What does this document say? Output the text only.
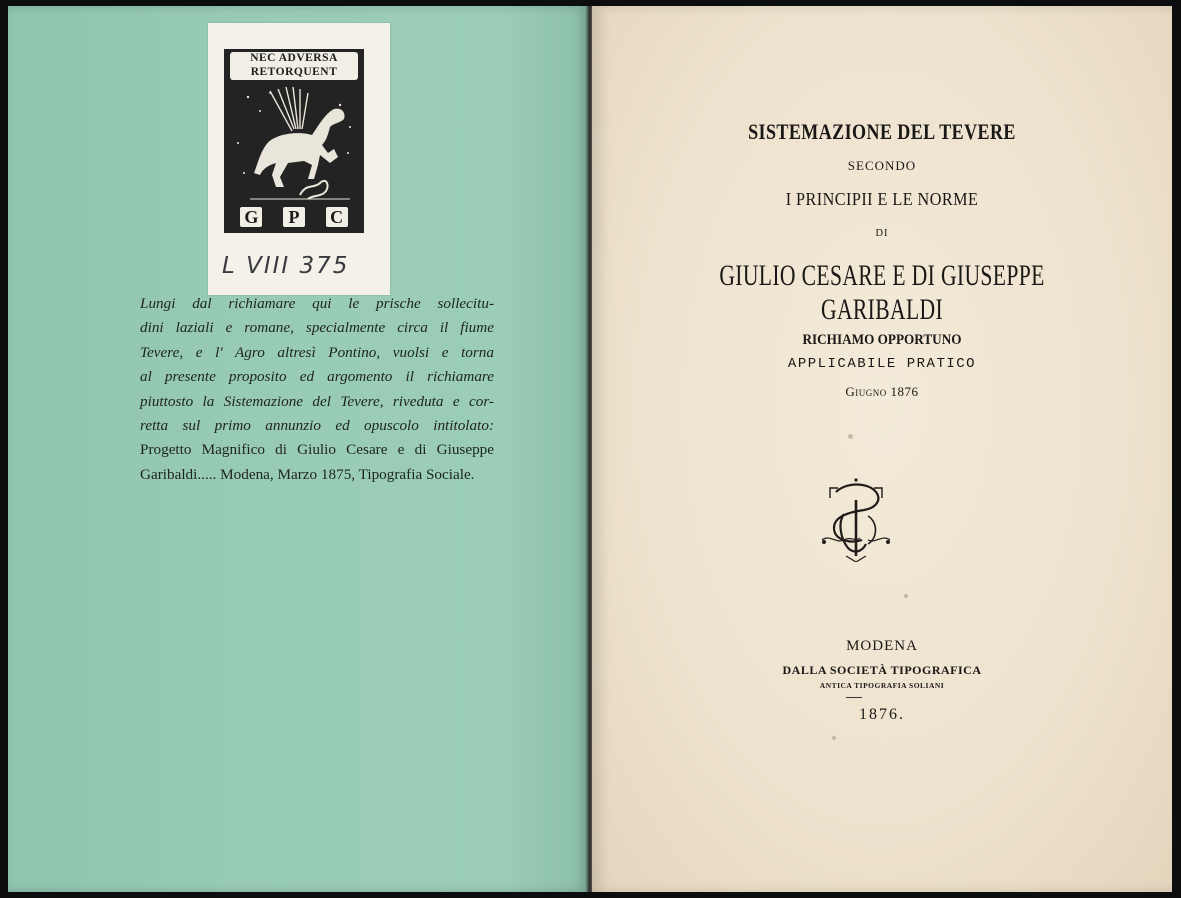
NEC ADVERSA
RETORQUENT
G	P	C
L VIII 375
Lungi dal richiamare qui le prische sollecitu-
dini laziali e romane, specialmente circa il fiume
Tevere, e l' Agro altresì Pontino, vuolsi e torna
al presente proposito ed argomento il richiamare
piuttosto la Sistemazione del Tevere, riveduta e cor-
retta sul primo annunzio ed opuscolo intitolato:
Progetto Magnifico di Giulio Cesare e di Giuseppe
Garibaldi..... Modena, Marzo 1875, Tipografia Sociale.
SISTEMAZIONE DEL TEVERE
SECONDO
I PRINCIPII E LE NORME
DI
GIULIO CESARE E DI GIUSEPPE GARIBALDI
RICHIAMO OPPORTUNO
APPLICABILE PRATICO
Giugno 1876
MODENA
DALLA SOCIETÀ TIPOGRAFICA
ANTICA TIPOGRAFIA SOLIANI
1876.
